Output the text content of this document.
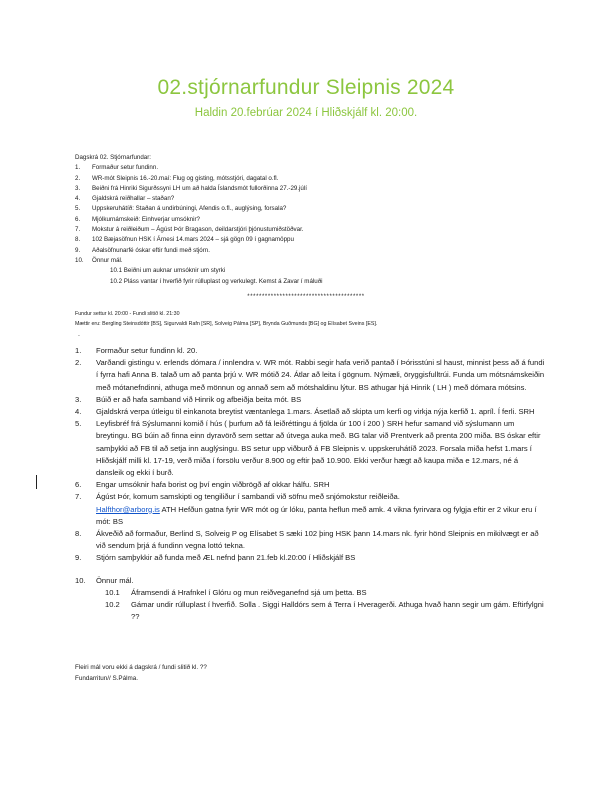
02.stjórnarfundur Sleipnis 2024
Haldin 20.febrúar 2024 í Hliðskjálf kl. 20:00.
Dagskrá 02. Stjórnarfundar:
1.	Formaður setur fundinn.
2.	WR-mót Sleipnis 16.-20.maí: Flug og gisting, mótsstjóri, dagatal o.fl.
3.	Beiðni frá Hinriki Sigurðssyni LH um að halda Íslandsmót fullorðinna 27.-29.júlí
4.	Gjaldskrá reiðhallar – staðan?
5.	Uppskeruhátíð: Staðan á undirbúningi, Afendis o.fl., auglýsing, forsala?
6.	Mjólkurnámskeið: Einhverjar umsóknir?
7.	Mokstur á reiðleiðum – Ágúst Þór Bragason, deildarstjóri þjónustumiðstöðvar.
8.	102 Bæjasöfnun HSK í Árnesi 14.mars 2024 – sjá gögn 09 í gagnamöppu
9.	Aðalsöfnunarfé óskar eftir fundi með stjórn.
10.	Önnur mál.
10.1 Beiðni um auknar umsóknir um styrki
10.2 Pláss vantar í hverfið fyrir rúlluplast og verkulegt. Kemst á Zavar í máluði
****************************************
Fundur settur kl. 20:00 - Fundi slitið kl. 21:30
Mættir eru: Bergling Steinsdóttir [BS], Sigurvaldi Rafn [SR], Solveig Pálma [SP], Brynda Guðmunds [BG] og Elísabet Sveins [ES].
.
1.	Formaður setur fundinn kl. 20.
2.	Varðandi gistingu v. erlends dómara / innlendra v. WR mót. Rabbi segir hafa verið pantað í Þórisstúni sl haust, minnist þess að á fundi í fyrra hafi Anna B. talað um að panta þrjú v. WR mótið 24. Átlar að leita í gögnum. Nýmæli, öryggisfulltrúi. Funda um mótsnámskeiðin með mótanefndinni, athuga með mönnun og annað sem að mótshaldinu lýtur. BS athugar hjá Hinrik ( LH ) með dómara mótsins.
3.	Búið er að hafa samband við Hinrik og afbeiðja beita mót. BS
4.	Gjaldskrá verpa útleigu til einkanota breytist væntanlega 1.mars. Ásetlað að skipta um kerfi og virkja nýja kerfið 1. apríl. Í ferli. SRH
5.	Leyfisbréf frá Sýslumanni komið í hús ( þurfum að fá leiðréttingu á fjölda úr 100 í 200 ) SRH hefur samand við sýslumann um breytingu. BG búin að finna einn dyravörð sem settar að útvega auka með. BG talar við Prentverk að prenta 200 miða. BS óskar eftir samþykki að FB til að setja inn auglýsingu. BS setur upp viðburð á FB Sleipnis v. uppskeruhátíð 2023. Forsala miða hefst 1.mars í Hliðskjálf milli kl. 17-19, verð miða í forsölu verður 8.900 og eftir það 10.900. Ekki verður hægt að kaupa miða e 12.mars, né á dansleik og ekki í burð.
6.	Engar umsóknir hafa borist og því engin viðbrögð af okkar hálfu. SRH
7.	Ágúst Þór, komum samskipti og tengiliður í sambandi við söfnu með snjómokstur reiðleiða.
Halfthor@arborg.is ATH Hefðun gatna fyrir WR mót og úr lóku, panta heflun með amk. 4 vikna fyrirvara og fylgja eftir er 2 vikur eru í mót: BS
8.	Ákveðið að formaður, Berlind S, Solveig P og Elísabet S sæki 102 þing HSK þann 14.mars nk. fyrir hönd Sleipnis en mikilvægt er að við sendum þrjá á fundinn vegna lottó tekna.
9.	Stjórn samþykkir að funda með ÆL nefnd þann 21.feb kl.20:00 í Hliðskjálf BS
10.	Önnur mál.
10.1	Áframsendi á Hrafnkel í Glóru og mun reiðveganefnd sjá um þetta. BS
10.2	Gámar undir rúlluplast í hverfið. Solla . Siggi Halldórs sem á Terra í Hveragerði. Athuga hvað hann segir um gám. Eftirfylgni ??
Fleiri mál voru ekki á dagskrá / fundi slitið kl. ??
Fundarritun// S.Pálma.
